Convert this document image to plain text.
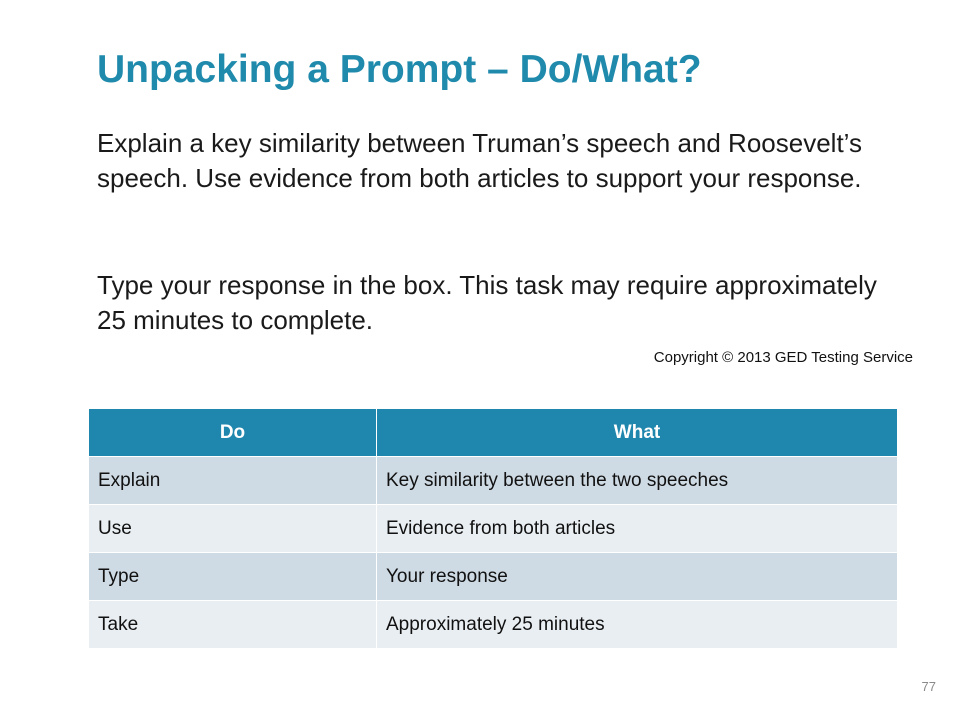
Unpacking a Prompt – Do/What?

Explain a key similarity between Truman’s speech and Roosevelt’s speech. Use evidence from both articles to support your response.

Type your response in the box. This task may require approximately 25 minutes to complete.

Copyright © 2013 GED Testing Service
Do	What
Explain	Key similarity between the two speeches
Use	Evidence from both articles
Type	Your response
Take	Approximately 25 minutes
77
